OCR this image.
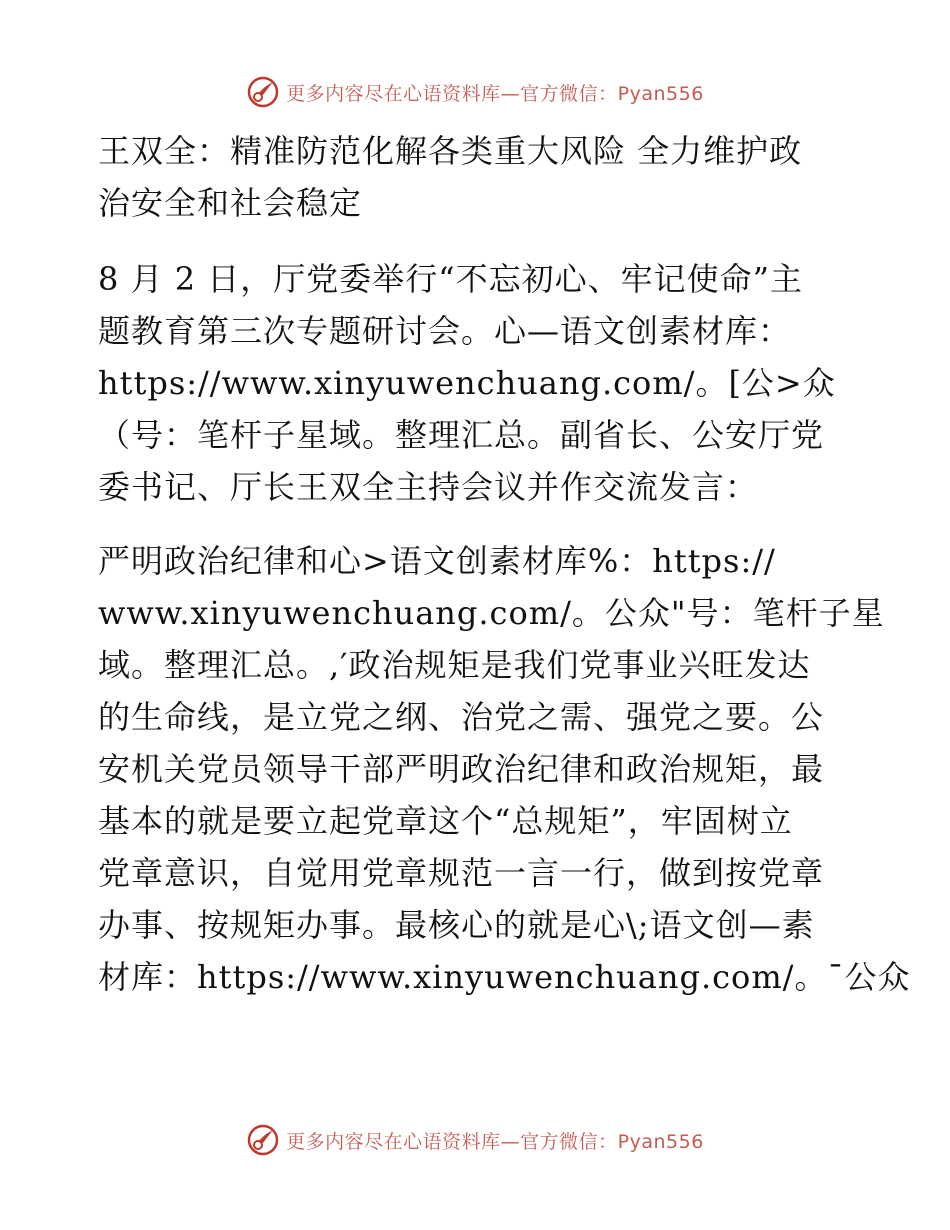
更多内容尽在心语资料库—官方微信：Pyan556
王双全：精准防范化解各类重大风险 全力维护政
治安全和社会稳定
8 月 2 日，厅党委举行“不忘初心、牢记使命”主
题教育第三次专题研讨会。心—语文创素材库：
https://www.xinyuwenchuang.com/。[公>众
（号：笔杆子星域。整理汇总。副省长、公安厅党
委书记、厅长王双全主持会议并作交流发言：
严明政治纪律和心>语文创素材库%：https://
www.xinyuwenchuang.com/。公众"号：笔杆子星
域。整理汇总。,′政治规矩是我们党事业兴旺发达
的生命线，是立党之纲、治党之需、强党之要。公
安机关党员领导干部严明政治纪律和政治规矩，最
基本的就是要立起党章这个“总规矩”，牢固树立
党章意识，自觉用党章规范一言一行，做到按党章
办事、按规矩办事。最核心的就是心\;语文创—素
材库：https://www.xinyuwenchuang.com/。¯公众
更多内容尽在心语资料库—官方微信：Pyan556
